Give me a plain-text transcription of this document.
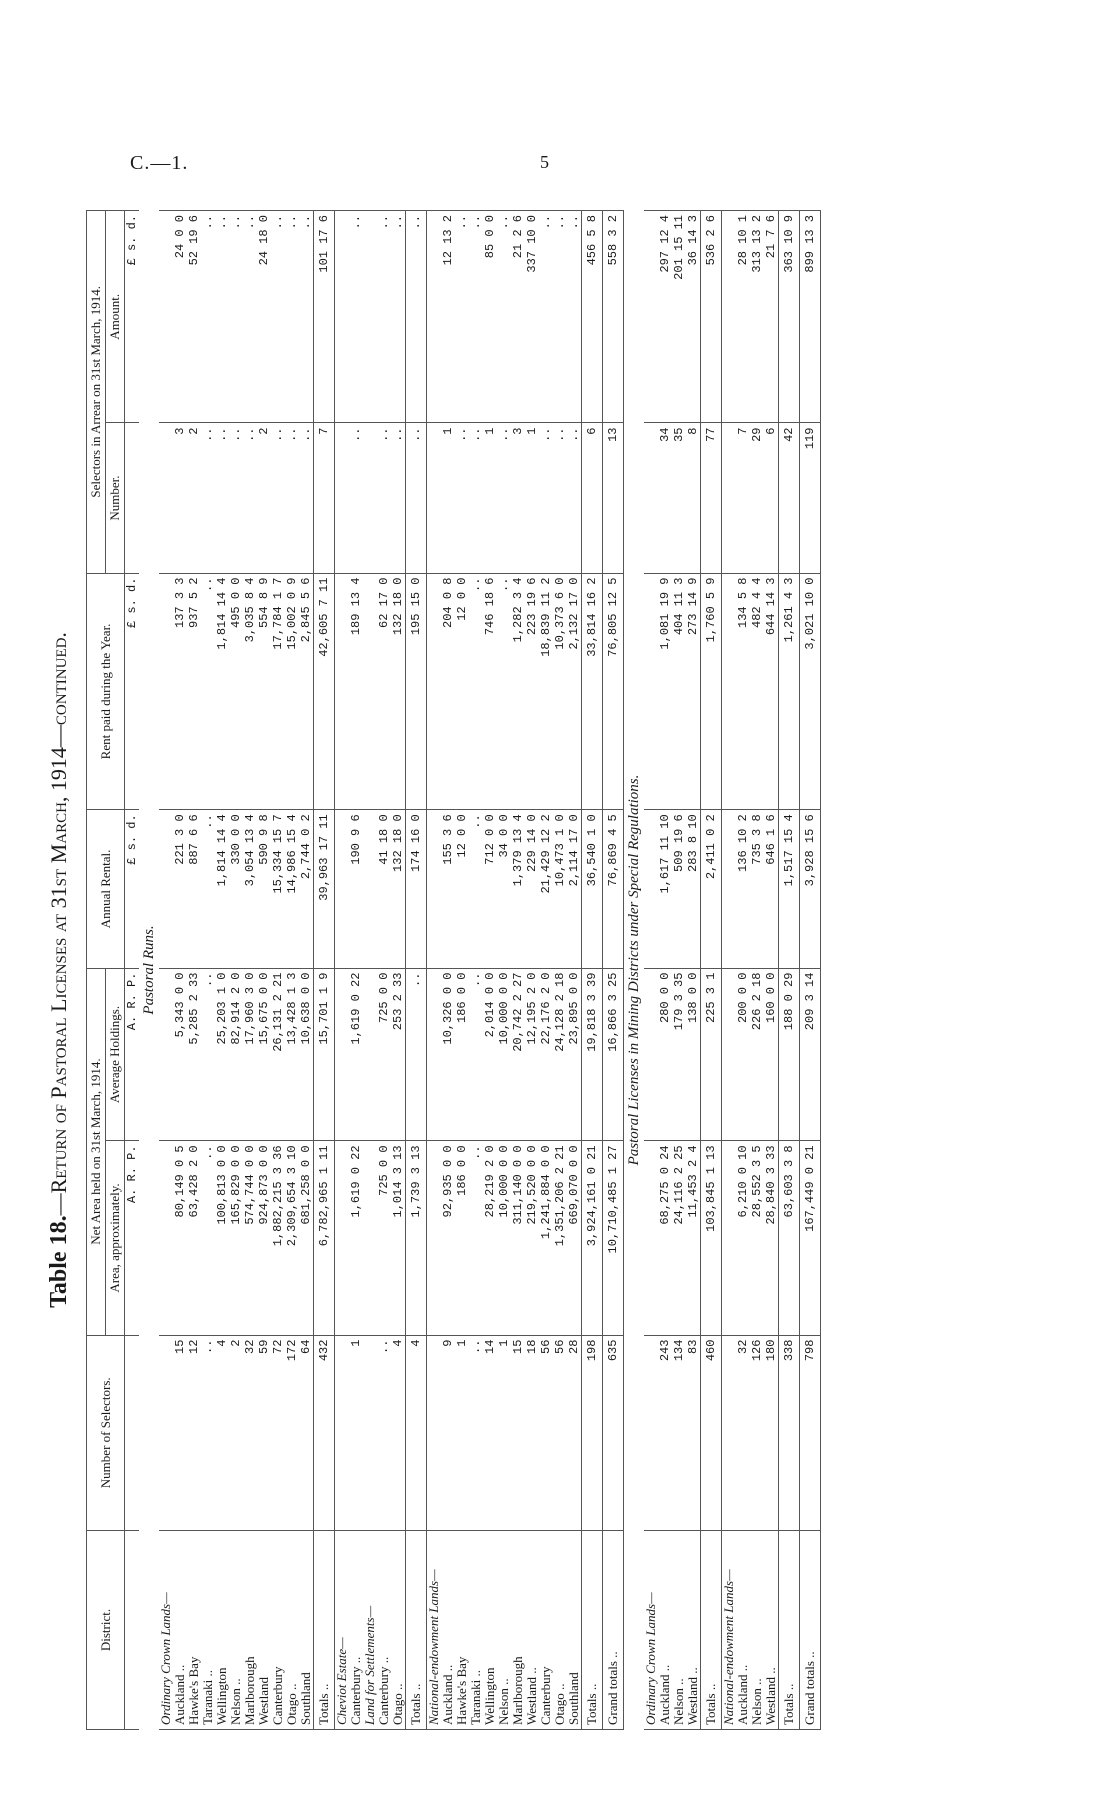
C.—1.	5
Table 18.—Return of Pastoral Licenses at 31st March, 1914—continued.
District.	Number of Selectors.	Net Area held on 31st March, 1914.		Annual Rental.	Rent paid during the Year.	Selectors in Arrear on 31st March, 1914.	
		Area, approximately.	Average Holdings.			Number.	Amount.
		A. R. P.	A. R. P.	£ s. d.	£ s. d.		£ s. d.
Pastoral Runs.							
Ordinary Crown Lands—							
Auckland ..	15	80,149 0 5	5,343 0 0	221 3 0	137 3 3	3	24 0 0
Hawke's Bay	12	63,428 2 0	5,285 2 33	887 6 6	937 5 2	2	52 19 6
Taranaki ..	..	..	..	..	..	..	..
Wellington	4	100,813 0 0	25,203 1 0	1,814 14 4	1,814 14 4	..	..
Nelson ..	2	165,829 0 0	82,914 2 0	330 0 0	495 0 0	..	..
Marlborough	32	574,744 0 0	17,960 3 0	3,054 13 4	3,035 8 4	..	..
Westland	59	924,873 0 0	15,675 0 0	590 9 8	554 8 9	2	24 18 0
Canterbury	72	1,882,215 3 36	26,131 2 21	15,334 15 7	17,784 1 7	..	..
Otago ..	172	2,309,654 3 10	13,428 1 3	14,986 15 4	15,002 0 9	..	..
Southland	64	681,258 0 0	10,638 0 0	2,744 0 2	2,845 5 6	..	..
Totals ..	432	6,782,965 1 11	15,701 1 9	39,963 17 11	42,605 7 11	7	101 17 6
Cheviot Estate—							
Canterbury ..	1	1,619 0 22	1,619 0 22	190 9 6	189 13 4	..	..
Land for Settlements—							
Canterbury ..	..	725 0 0	725 0 0	41 18 0	62 17 0	..	..
Otago ..	4	1,014 3 13	253 2 33	132 18 0	132 18 0	..	..
Totals ..	4	1,739 3 13	..	174 16 0	195 15 0	..	..
National-endowment Lands—							
Auckland ..	9	92,935 0 0	10,326 0 0	155 3 6	204 0 8	1	12 13 2
Hawke's Bay	1	186 0 0	186 0 0	12 0 0	12 0 0	..	..
Taranaki ..	..	..	..	..	..	..	..
Wellington	14	28,219 2 0	2,014 0 0	712 0 0	746 18 6	1	85 0 0
Nelson ..	1	10,000 0 0	10,000 0 0	34 0 0	..	..	..
Marlborough	15	311,140 0 0	20,742 2 27	1,379 13 4	1,282 3 4	3	21 2 6
Westland ..	18	219,520 0 0	12,195 2 0	229 14 0	223 19 6	1	337 10 0
Canterbury	56	1,241,884 0 0	22,176 2 0	21,429 12 2	18,839 11 2	..	..
Otago ..	56	1,351,206 2 21	24,128 2 18	10,473 1 0	10,373 6 0	..	..
Southland	28	669,070 0 0	23,895 0 0	2,114 17 0	2,132 17 0	..	..
Totals ..	198	3,924,161 0 21	19,818 3 39	36,540 1 0	33,814 16 2	6	456 5 8
Grand totals ..	635	10,710,485 1 27	16,866 3 25	76,869 4 5	76,805 12 5	13	558 3 2
Pastoral Licenses in Mining Districts under Special Regulations.							
Ordinary Crown Lands—							
Auckland ..	243	68,275 0 24	280 0 0	1,617 11 10	1,081 19 9	34	297 12 4
Nelson ..	134	24,116 2 25	179 3 35	509 19 6	404 11 3	35	201 15 11
Westland ..	83	11,453 2 4	138 0 0	283 8 10	273 14 9	8	36 14 3
Totals ..	460	103,845 1 13	225 3 1	2,411 0 2	1,760 5 9	77	536 2 6
National-endowment Lands—							
Auckland ..	32	6,210 0 10	200 0 0	136 10 2	134 5 8	7	28 10 1
Nelson ..	126	28,552 3 5	226 2 18	735 3 8	482 4 4	29	313 13 2
Westland ..	180	28,840 3 33	160 0 0	646 1 6	644 14 3	6	21 7 6
Totals ..	338	63,603 3 8	188 0 29	1,517 15 4	1,261 4 3	42	363 10 9
Grand totals ..	798	167,449 0 21	209 3 14	3,928 15 6	3,021 10 0	119	899 13 3
